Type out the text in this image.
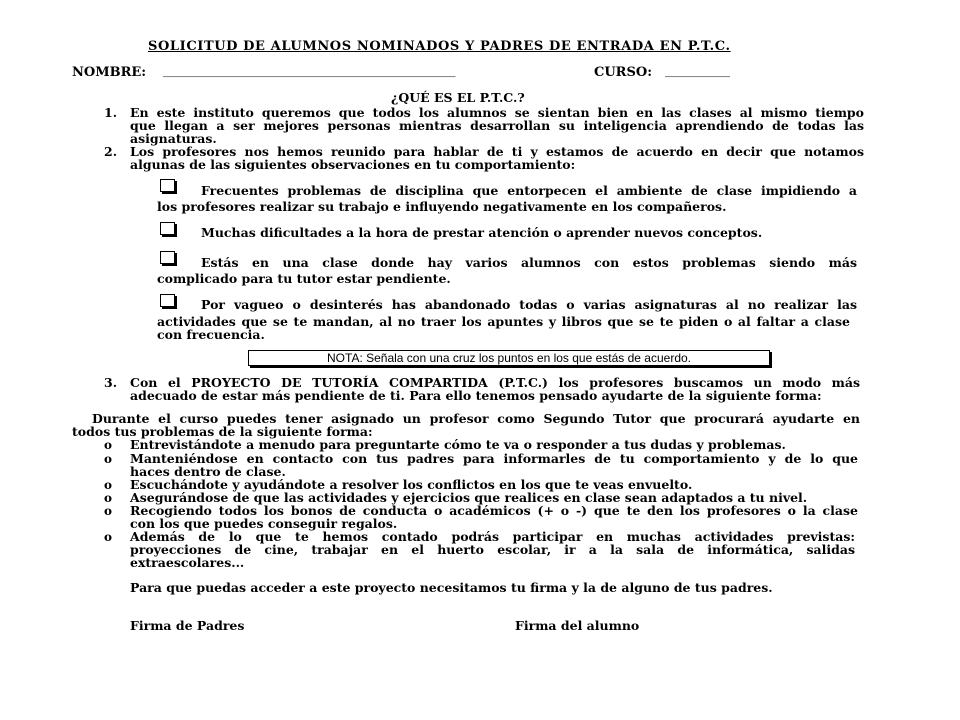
SOLICITUD DE ALUMNOS NOMINADOS Y PADRES DE ENTRADA EN P.T.C.
NOMBRE: _____________________________________________	CURSO: __________
¿QUÉ ES EL P.T.C.?
1. En este instituto queremos que todos los alumnos se sientan bien en las clases al mismo tiempo
que llegan a ser mejores personas mientras desarrollan su inteligencia aprendiendo de todas las
asignaturas.
2. Los profesores nos hemos reunido para hablar de ti y estamos de acuerdo en decir que notamos
algunas de las siguientes observaciones en tu comportamiento:
Frecuentes problemas de disciplina que entorpecen el ambiente de clase impidiendo a
los profesores realizar su trabajo e influyendo negativamente en los compañeros.
Muchas dificultades a la hora de prestar atención o aprender nuevos conceptos.
Estás en una clase donde hay varios alumnos con estos problemas siendo más
complicado para tu tutor estar pendiente.
Por vagueo o desinterés has abandonado todas o varias asignaturas al no realizar las
actividades que se te mandan, al no traer los apuntes y libros que se te piden o al faltar a clase
con frecuencia.
NOTA: Señala con una cruz los puntos en los que estás de acuerdo.
3. Con el PROYECTO DE TUTORÍA COMPARTIDA (P.T.C.) los profesores buscamos un modo más
adecuado de estar más pendiente de ti. Para ello tenemos pensado ayudarte de la siguiente forma:
Durante el curso puedes tener asignado un profesor como Segundo Tutor que procurará ayudarte en
todos tus problemas de la siguiente forma:
o Entrevistándote a menudo para preguntarte cómo te va o responder a tus dudas y problemas.
o Manteniéndose en contacto con tus padres para informarles de tu comportamiento y de lo que
haces dentro de clase.
o Escuchándote y ayudándote a resolver los conflictos en los que te veas envuelto.
o Asegurándose de que las actividades y ejercicios que realices en clase sean adaptados a tu nivel.
o Recogiendo todos los bonos de conducta o académicos (+ o -) que te den los profesores o la clase
con los que puedes conseguir regalos.
o Además de lo que te hemos contado podrás participar en muchas actividades previstas:
proyecciones de cine, trabajar en el huerto escolar, ir a la sala de informática, salidas
extraescolares...
Para que puedas acceder a este proyecto necesitamos tu firma y la de alguno de tus padres.
Firma de Padres	Firma del alumno
